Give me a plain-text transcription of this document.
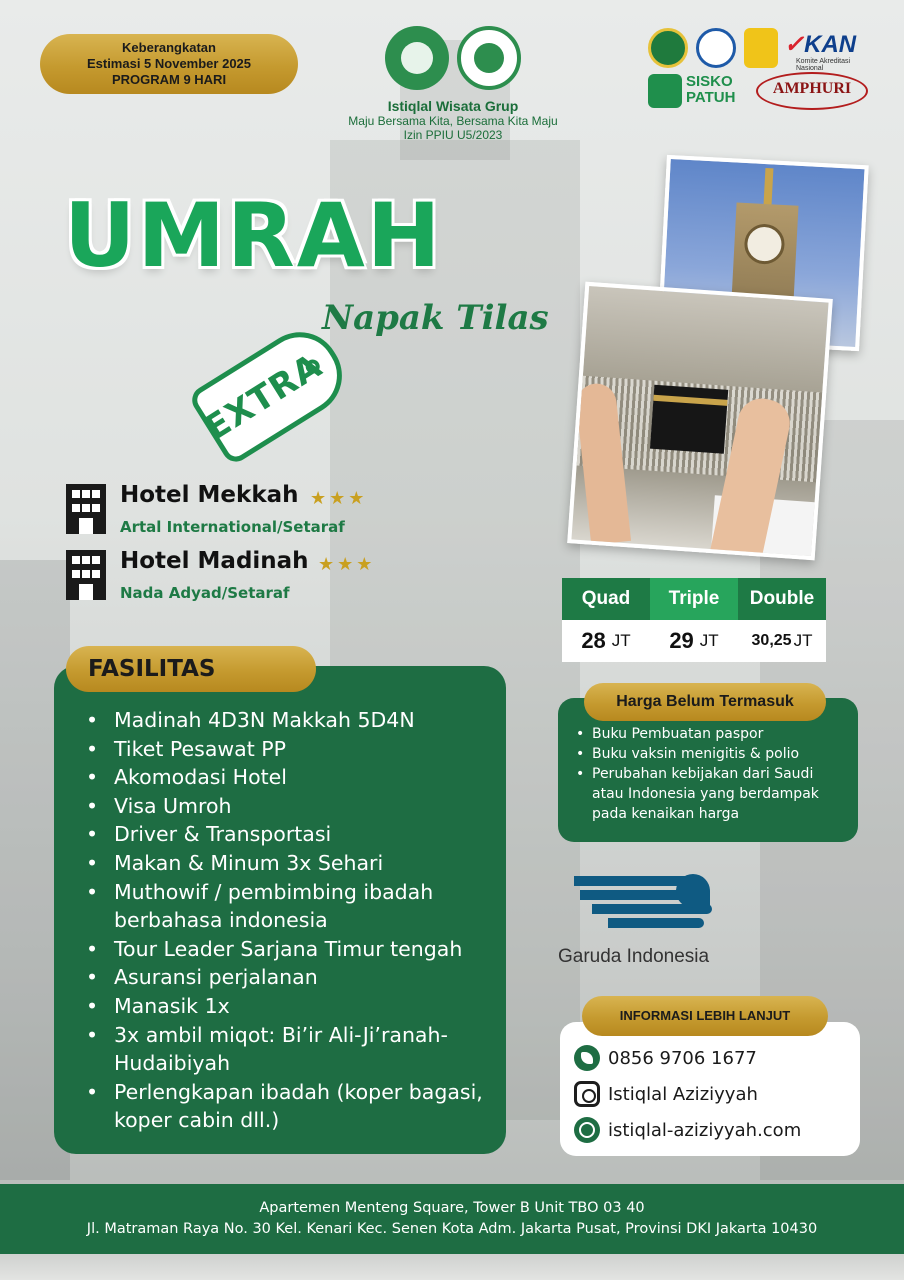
Keberangkatan
Estimasi 5 November 2025
PROGRAM 9 HARI
Istiqlal Wisata Grup
Maju Bersama Kita, Bersama Kita Maju
Izin PPIU U5/2023
✓KAN
Komite Akreditasi Nasional
SISKO
PATUH
AMPHURI
UMRAH
Napak Tilas
EXTRA
Hotel Mekkah ★★★
Artal International/Setaraf
Hotel Madinah ★★★
Nada Adyad/Setaraf	Quad	Triple	Double
28 JT 29 JT 30,25 JT
• Buku Pembuatan paspor
• Buku vaksin menigitis & polio
• Perubahan kebijakan dari Saudi atau Indonesia yang berdampak pada kenaikan harga
Harga Belum Termasuk
• Madinah 4D3N Makkah 5D4N
• Tiket Pesawat PP
• Akomodasi Hotel
• Visa Umroh
• Driver & Transportasi
• Makan & Minum 3x Sehari
• Muthowif / pembimbing ibadah berbahasa indonesia
• Tour Leader Sarjana Timur tengah
• Asuransi perjalanan
• Manasik 1x
• 3x ambil miqot: Bi’ir Ali-Ji’ranah-Hudaibiyah
• Perlengkapan ibadah (koper bagasi, koper cabin dll.)
FASILITAS
Garuda Indonesia
0856 9706 1677
Istiqlal Aziziyyah
istiqlal-aziziyyah.com
INFORMASI LEBIH LANJUT
Apartemen Menteng Square, Tower B Unit TBO 03 40
Jl. Matraman Raya No. 30 Kel. Kenari Kec. Senen Kota Adm. Jakarta Pusat, Provinsi DKI Jakarta 10430
